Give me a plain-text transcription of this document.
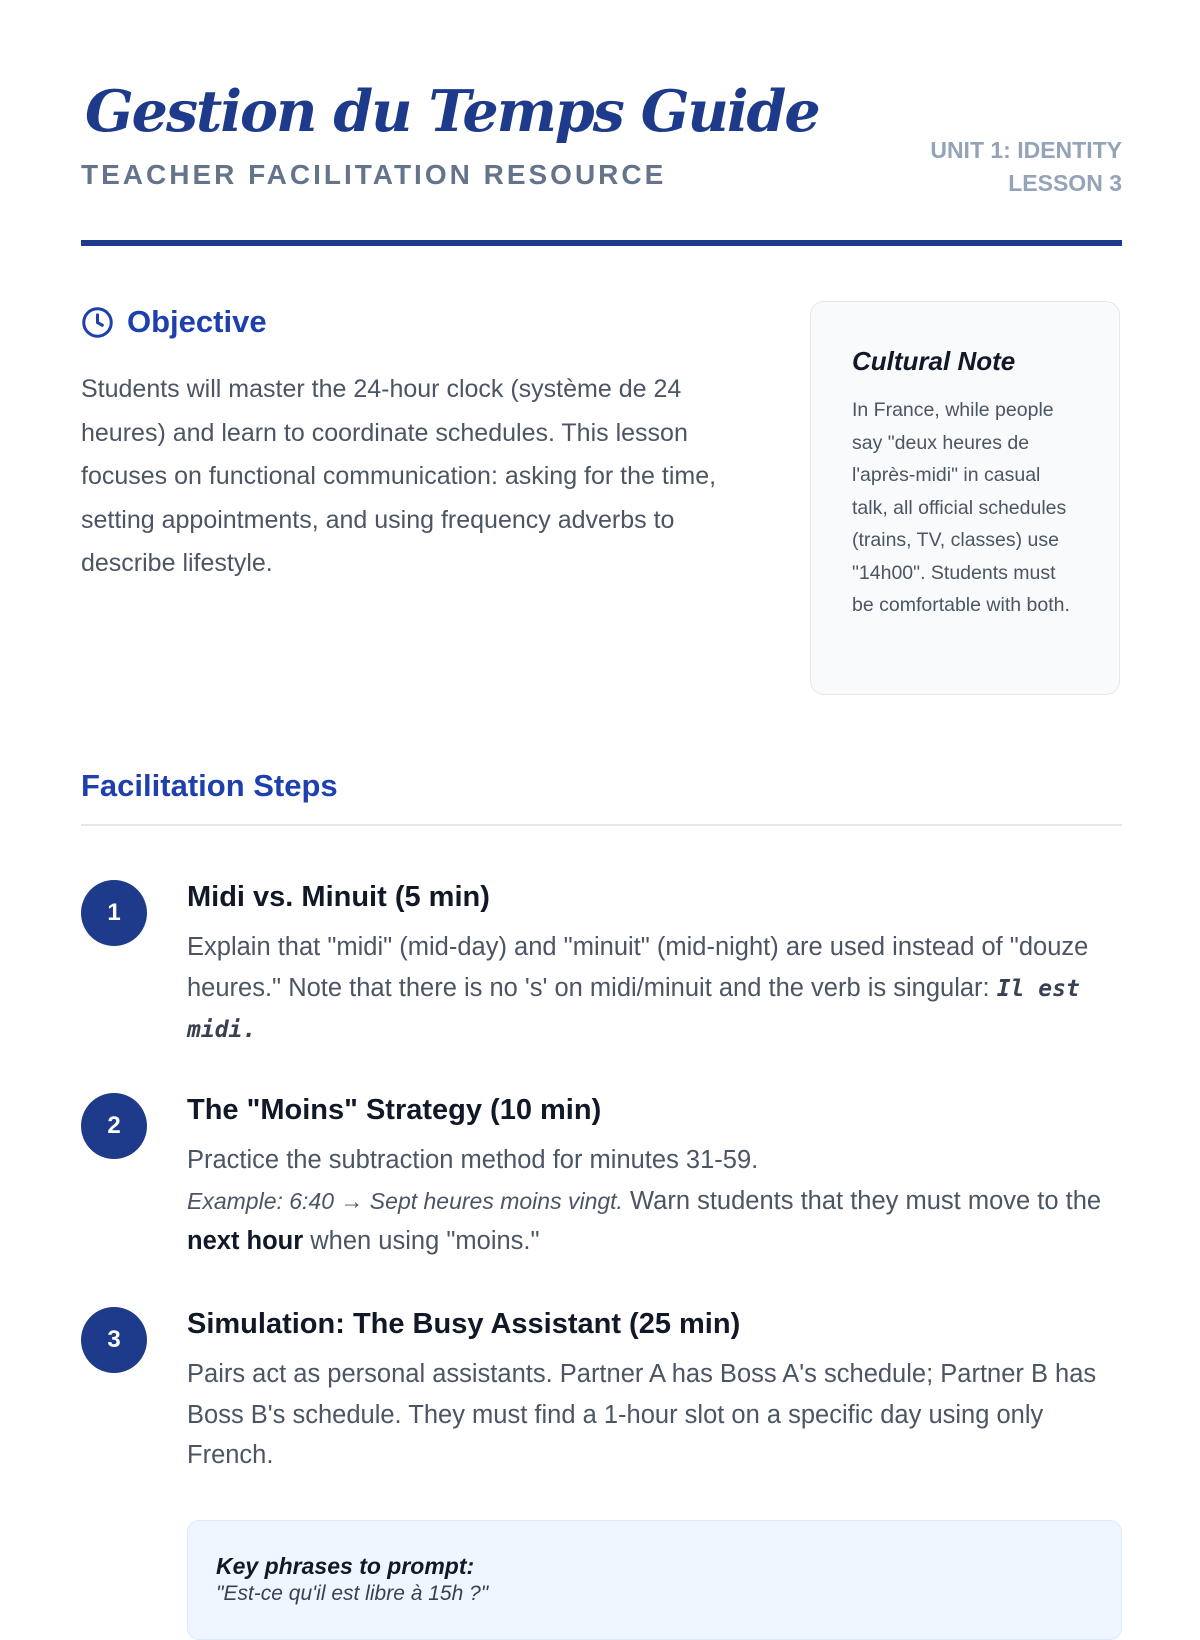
Gestion du Temps Guide
TEACHER FACILITATION RESOURCE
UNIT 1: IDENTITY
LESSON 3
Objective
Students will master the 24-hour clock (système de 24 heures) and learn to coordinate schedules. This lesson focuses on functional communication: asking for the time, setting appointments, and using frequency adverbs to describe lifestyle.
Cultural Note
In France, while people say "deux heures de l'après-midi" in casual talk, all official schedules (trains, TV, classes) use "14h00". Students must be comfortable with both.
Facilitation Steps
1	Midi vs. Minuit (5 min)
Explain that "midi" (mid-day) and "minuit" (mid-night) are used instead of "douze heures." Note that there is no 's' on midi/minuit and the verb is singular: Il est midi.
2	The "Moins" Strategy (10 min)
Practice the subtraction method for minutes 31-59.
Example: 6:40 → Sept heures moins vingt. Warn students that they must move to the next hour when using "moins."
3	Simulation: The Busy Assistant (25 min)
Pairs act as personal assistants. Partner A has Boss A's schedule; Partner B has Boss B's schedule. They must find a 1-hour slot on a specific day using only French.
Key phrases to prompt:
"Est-ce qu'il est libre à 15h ?"
